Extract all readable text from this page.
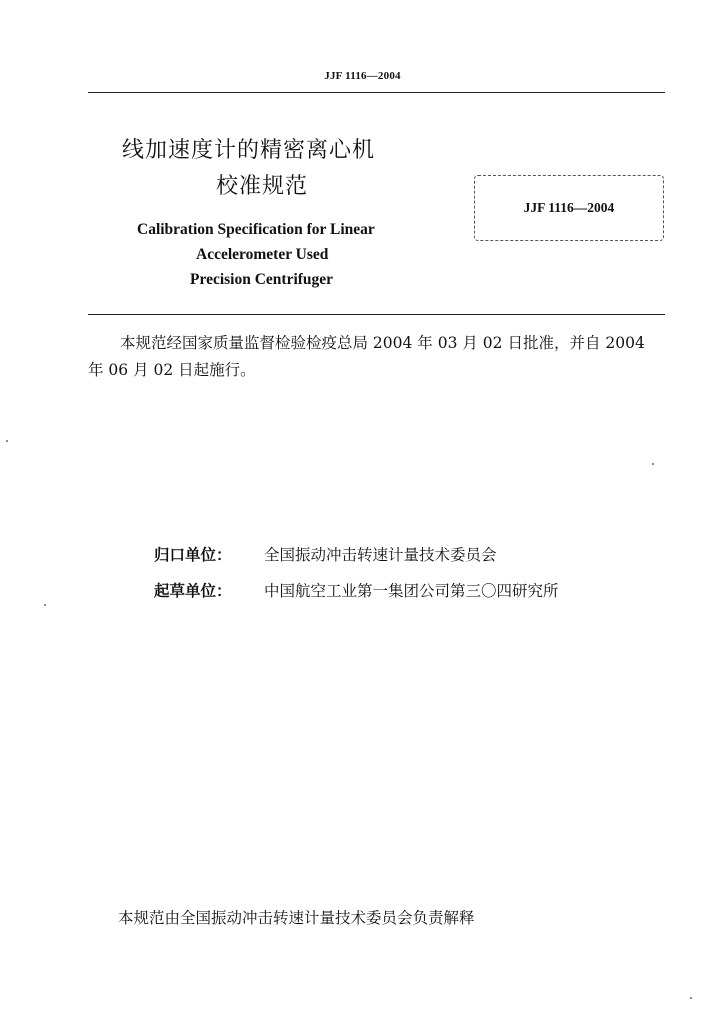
JJF 1116—2004
线加速度计的精密离心机
校准规范
JJF 1116—2004
Calibration Specification for Linear
Accelerometer Used
Precision Centrifuger
本规范经国家质量监督检验检疫总局 2004 年 03 月 02 日批准，并自 2004 年 06 月 02 日起施行。
归口单位： 全国振动冲击转速计量技术委员会
起草单位： 中国航空工业第一集团公司第三〇四研究所
本规范由全国振动冲击转速计量技术委员会负责解释
